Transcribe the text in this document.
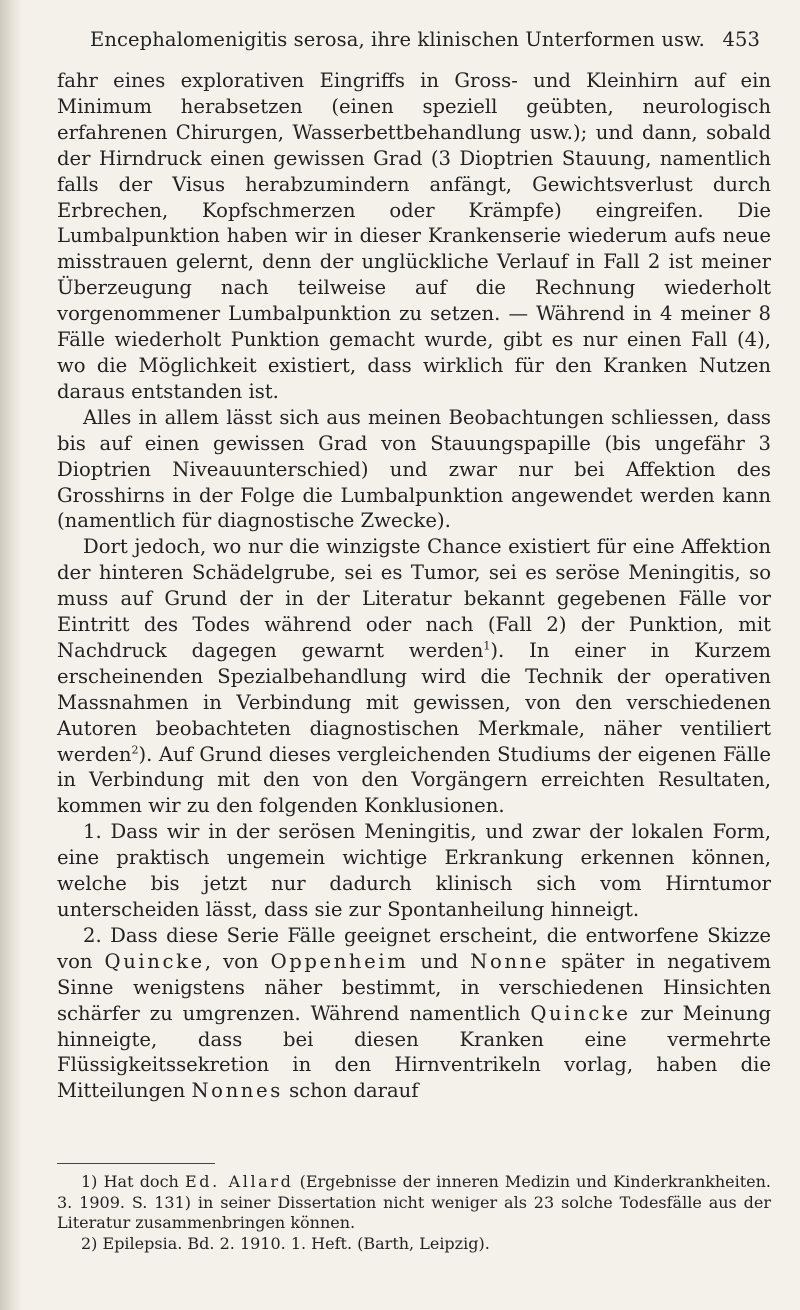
Encephalomenigitis serosa, ihre klinischen Unterformen usw. 453

fahr eines explorativen Eingriffs in Gross- und Kleinhirn auf ein Minimum herabsetzen (einen speziell geübten, neurologisch erfahrenen Chirurgen, Wasserbettbehandlung usw.); und dann, sobald der Hirndruck einen gewissen Grad (3 Dioptrien Stauung, namentlich falls der Visus herabzumindern anfängt, Gewichtsverlust durch Erbrechen, Kopfschmerzen oder Krämpfe) eingreifen. Die Lumbalpunktion haben wir in dieser Krankenserie wiederum aufs neue misstrauen gelernt, denn der unglückliche Verlauf in Fall 2 ist meiner Überzeugung nach teilweise auf die Rechnung wiederholt vorgenommener Lumbalpunktion zu setzen. — Während in 4 meiner 8 Fälle wiederholt Punktion gemacht wurde, gibt es nur einen Fall (4), wo die Möglichkeit existiert, dass wirklich für den Kranken Nutzen daraus entstanden ist.

Alles in allem lässt sich aus meinen Beobachtungen schliessen, dass bis auf einen gewissen Grad von Stauungspapille (bis ungefähr 3 Dioptrien Niveauunterschied) und zwar nur bei Affektion des Grosshirns in der Folge die Lumbalpunktion angewendet werden kann (namentlich für diagnostische Zwecke).

Dort jedoch, wo nur die winzigste Chance existiert für eine Affektion der hinteren Schädelgrube, sei es Tumor, sei es seröse Meningitis, so muss auf Grund der in der Literatur bekannt gegebenen Fälle vor Eintritt des Todes während oder nach (Fall 2) der Punktion, mit Nachdruck dagegen gewarnt werden$^1$). In einer in Kurzem erscheinenden Spezialbehandlung wird die Technik der operativen Massnahmen in Verbindung mit gewissen, von den verschiedenen Autoren beobachteten diagnostischen Merkmale, näher ventiliert werden$^2$). Auf Grund dieses vergleichenden Studiums der eigenen Fälle in Verbindung mit den von den Vorgängern erreichten Resultaten, kommen wir zu den folgenden Konklusionen.

1. Dass wir in der serösen Meningitis, und zwar der lokalen Form, eine praktisch ungemein wichtige Erkrankung erkennen können, welche bis jetzt nur dadurch klinisch sich vom Hirntumor unterscheiden lässt, dass sie zur Spontanheilung hinneigt.

2. Dass diese Serie Fälle geeignet erscheint, die entworfene Skizze von Quincke, von Oppenheim und Nonne später in negativem Sinne wenigstens näher bestimmt, in verschiedenen Hinsichten schärfer zu umgrenzen. Während namentlich Quincke zur Meinung hinneigte, dass bei diesen Kranken eine vermehrte Flüssigkeitssekretion in den Hirnventrikeln vorlag, haben die Mitteilungen Nonnes schon darauf

1) Hat doch Ed. Allard (Ergebnisse der inneren Medizin und Kinderkrankheiten. 3. 1909. S. 131) in seiner Dissertation nicht weniger als 23 solche Todesfälle aus der Literatur zusammenbringen können.

2) Epilepsia. Bd. 2. 1910. 1. Heft. (Barth, Leipzig).
